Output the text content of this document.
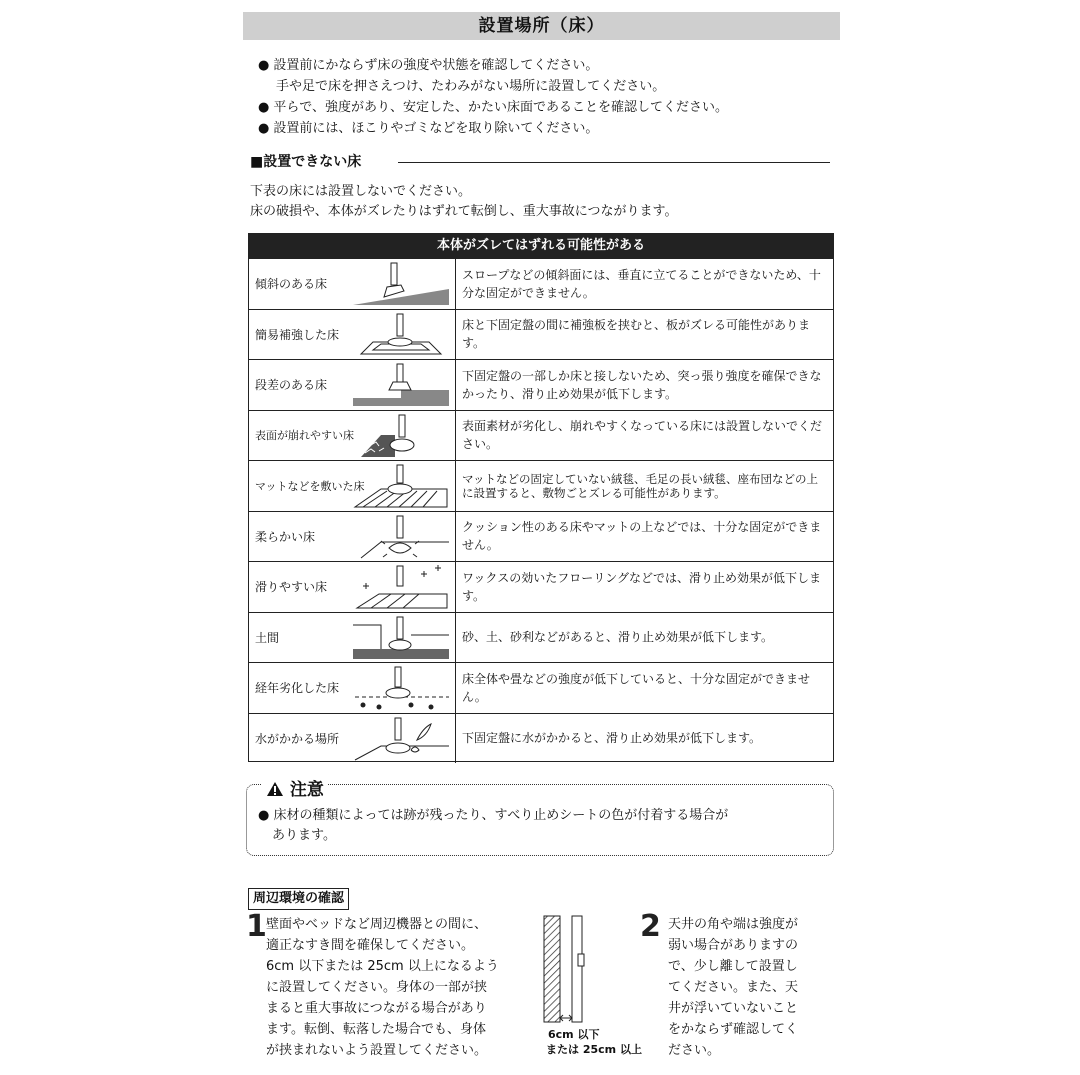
設置場所（床）
● 設置前にかならず床の強度や状態を確認してください。
手や足で床を押さえつけ、たわみがない場所に設置してください。
● 平らで、強度があり、安定した、かたい床面であることを確認してください。
● 設置前には、ほこりやゴミなどを取り除いてください。
■設置できない床
下表の床には設置しないでください。
床の破損や、本体がズレたりはずれて転倒し、重大事故につながります。
本体がズレてはずれる可能性がある
傾斜のある床
スロープなどの傾斜面には、垂直に立てることができないため、十分な固定ができません。
簡易補強した床
床と下固定盤の間に補強板を挟むと、板がズレる可能性があります。
段差のある床
下固定盤の一部しか床と接しないため、突っ張り強度を確保できなかったり、滑り止め効果が低下します。
表面が崩れやすい床
表面素材が劣化し、崩れやすくなっている床には設置しないでください。
マットなどを敷いた床
マットなどの固定していない絨毯、毛足の長い絨毯、座布団などの上に設置すると、敷物ごとズレる可能性があります。
柔らかい床
クッション性のある床やマットの上などでは、十分な固定ができません。
滑りやすい床
ワックスの効いたフローリングなどでは、滑り止め効果が低下します。
土間	砂、土、砂利などがあると、滑り止め効果が低下します。
経年劣化した床
床全体や畳などの強度が低下していると、十分な固定ができません。
水がかかる場所	下固定盤に水がかかると、滑り止め効果が低下します。
注意
● 床材の種類によっては跡が残ったり、すべり止めシートの色が付着する場合が
あります。
周辺環境の確認
1 壁面やベッドなど周辺機器との間に、
適正なすき間を確保してください。
6cm 以下または 25cm 以上になるよう
に設置してください。身体の一部が挟
まると重大事故につながる場合があり
ます。転倒、転落した場合でも、身体
が挟まれないよう設置してください。
6cm 以下
または 25cm 以上
2 天井の角や端は強度が
弱い場合がありますの
で、少し離して設置し
てください。また、天
井が浮いていないこと
をかならず確認してく
ださい。
